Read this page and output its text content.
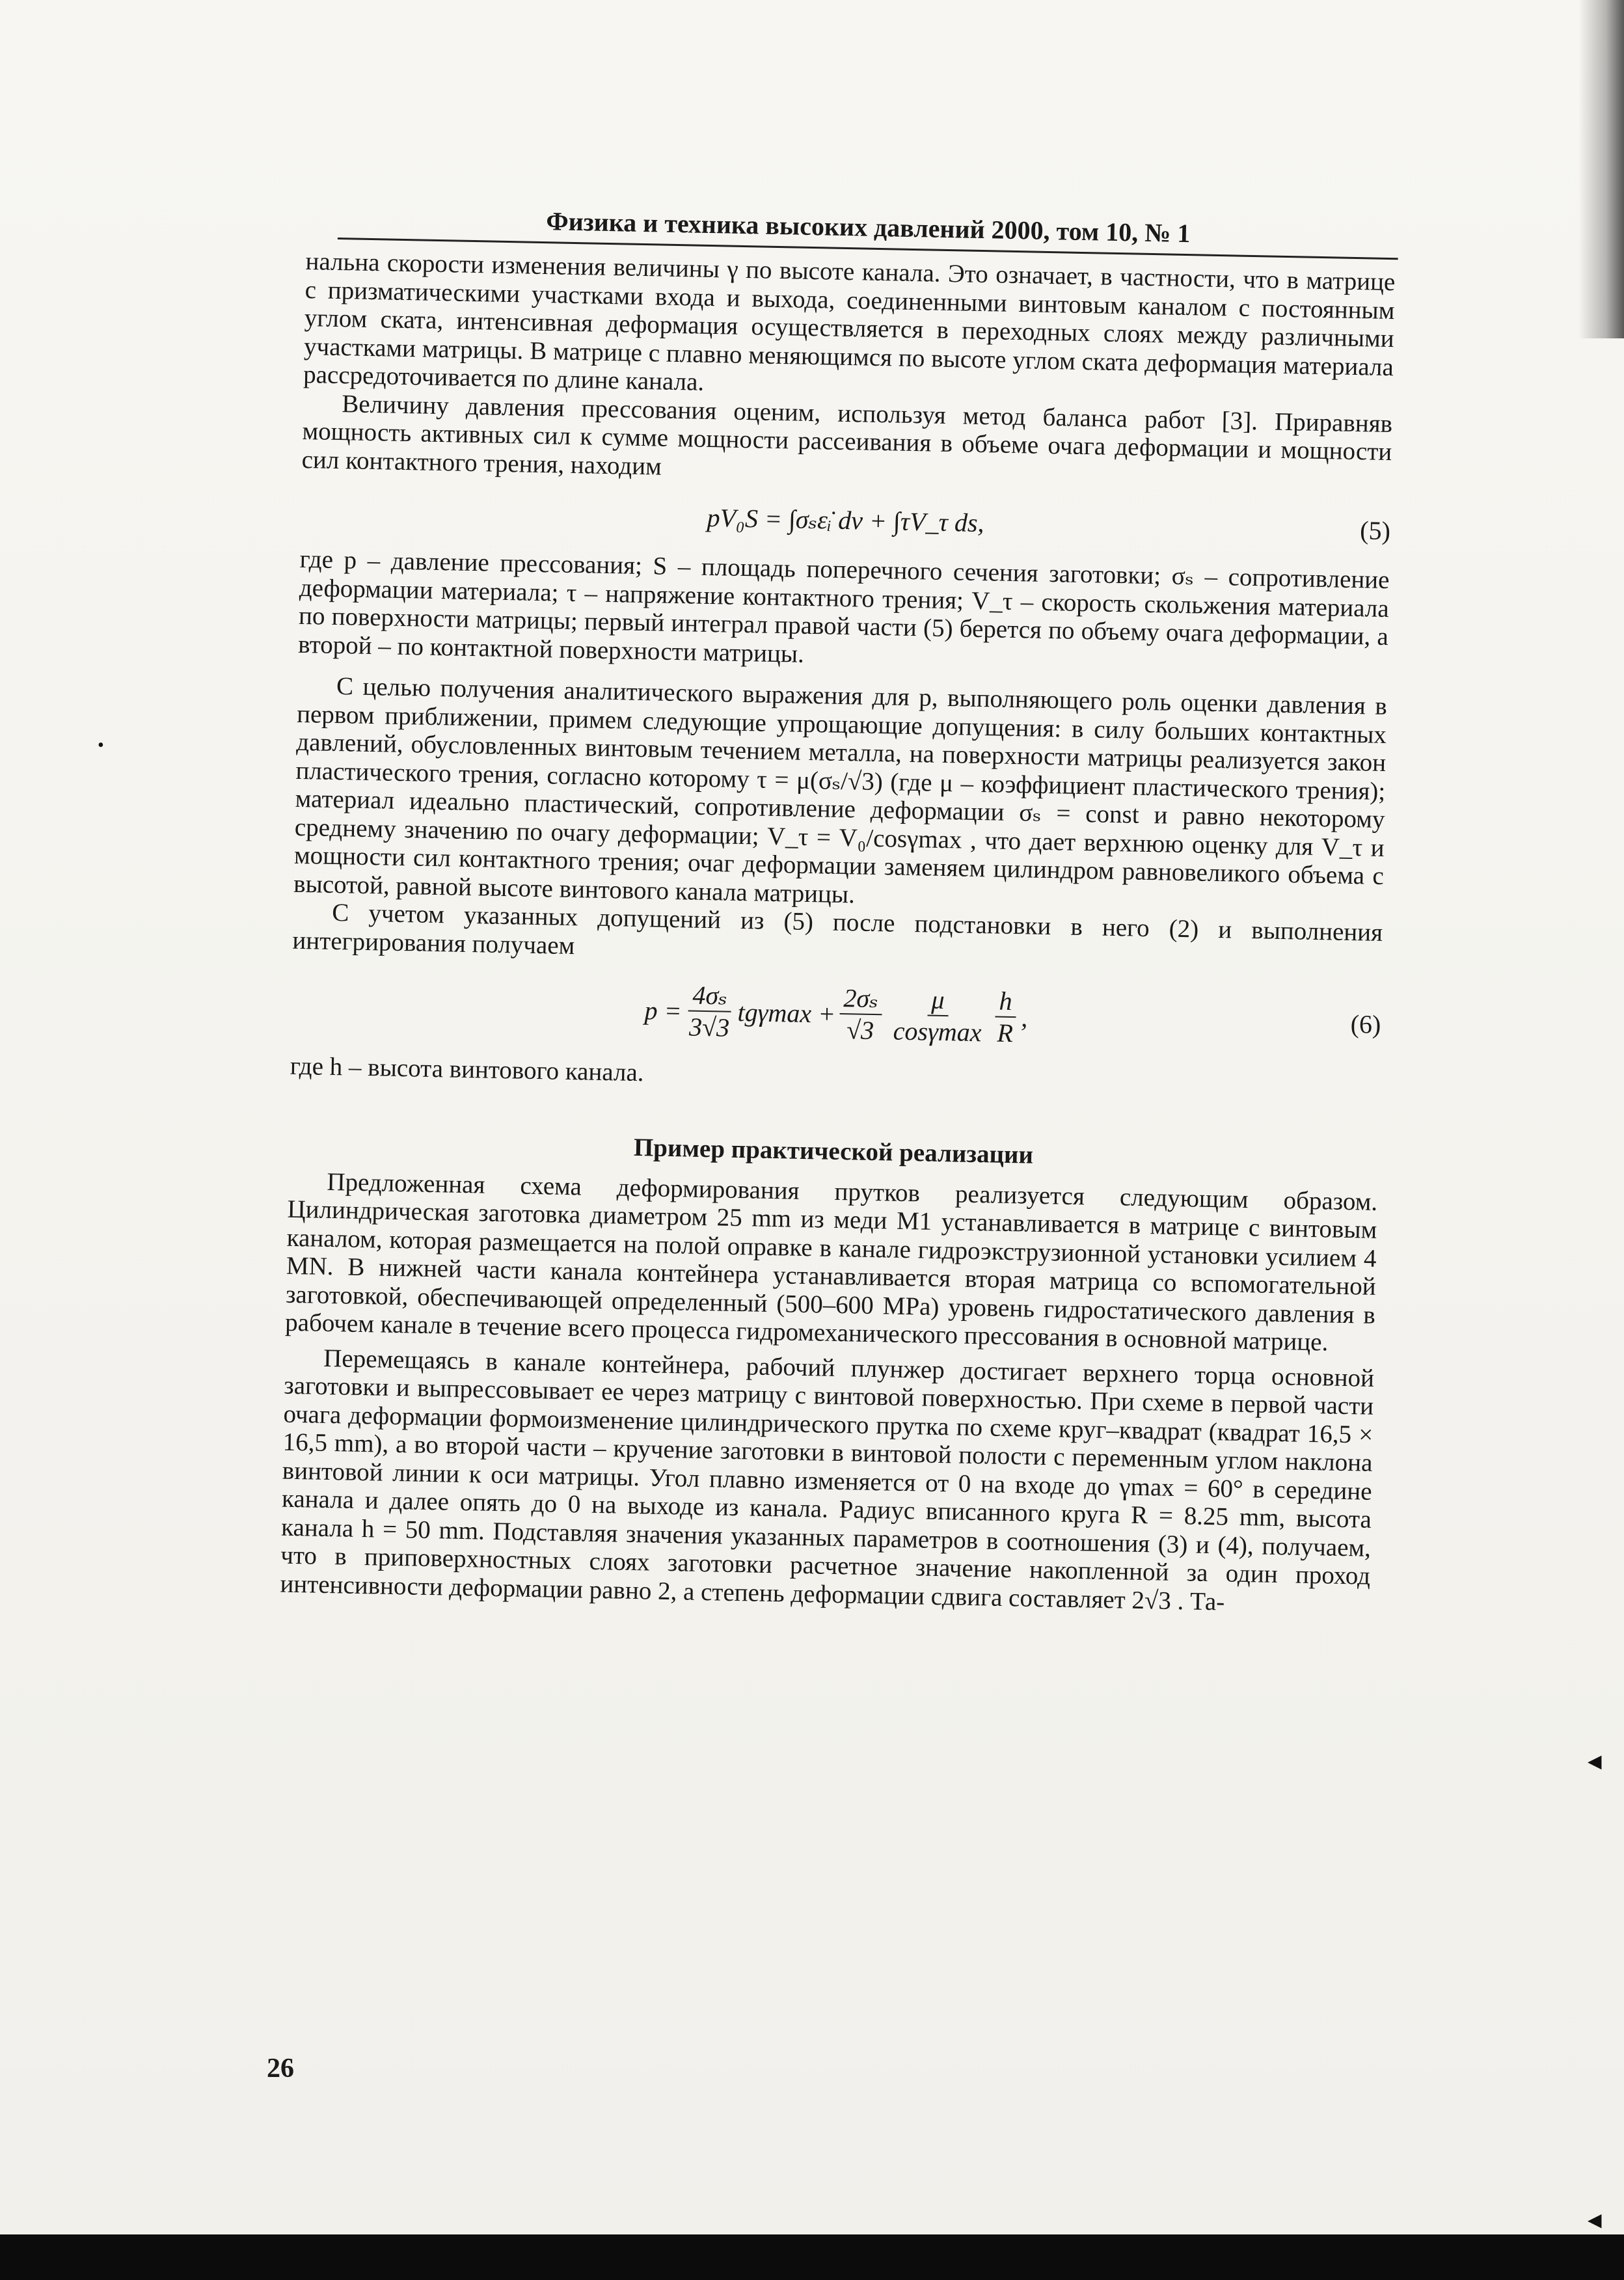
Физика и техника высоких давлений 2000, том 10, № 1

нальна скорости изменения величины γ по высоте канала. Это означает, в частности, что в матрице с призматическими участками входа и выхода, соединенными винтовым каналом с постоянным углом ската, интенсивная деформация осуществляется в переходных слоях между различными участками матрицы. В матрице с плавно меняющимся по высоте углом ската деформация материала рассредоточивается по длине канала.

Величину давления прессования оценим, используя метод баланса работ [3]. Приравняв мощность активных сил к сумме мощности рассеивания в объеме очага деформации и мощности сил контактного трения, находим

pV₀S = ∫σₛε̇ᵢ dv + ∫τV_τ ds,	(5)

где p – давление прессования; S – площадь поперечного сечения заготовки; σₛ – сопротивление деформации материала; τ – напряжение контактного трения; V_τ – скорость скольжения материала по поверхности матрицы; первый интеграл правой части (5) берется по объему очага деформации, а второй – по контактной поверхности матрицы.

С целью получения аналитического выражения для p, выполняющего роль оценки давления в первом приближении, примем следующие упрощающие допущения: в силу больших контактных давлений, обусловленных винтовым течением металла, на поверхности матрицы реализуется закон пластического трения, согласно которому τ = μ(σₛ/√3) (где μ – коэффициент пластического трения); материал идеально пластический, сопротивление деформации σₛ = const и равно некоторому среднему значению по очагу деформации; V_τ = V₀/cosγmax , что дает верхнюю оценку для V_τ и мощности сил контактного трения; очаг деформации заменяем цилиндром равновеликого объема с высотой, равной высоте винтового канала матрицы.

С учетом указанных допущений из (5) после подстановки в него (2) и выполнения интегрирования получаем

$p = \frac{\text{4σₛ}}{3√3}$ $tg\gamma\max + \frac{\text{2σₛ}}{√3} \frac{\mu}{\cos\gamma\max} \frac{h}{R}$ ,	(6)

где h – высота винтового канала.

Пример практической реализации

Предложенная схема деформирования прутков реализуется следующим образом. Цилиндрическая заготовка диаметром 25 mm из меди М1 устанавливается в матрице с винтовым каналом, которая размещается на полой оправке в канале гидроэкструзионной установки усилием 4 MN. В нижней части канала контейнера устанавливается вторая матрица со вспомогательной заготовкой, обеспечивающей определенный (500–600 MPa) уровень гидростатического давления в рабочем канале в течение всего процесса гидромеханического прессования в основной матрице.

Перемещаясь в канале контейнера, рабочий плунжер достигает верхнего торца основной заготовки и выпрессовывает ее через матрицу с винтовой поверхностью. При схеме в первой части очага деформации формоизменение цилиндрического прутка по схеме круг–квадрат (квадрат 16,5 × 16,5 mm), а во второй части – кручение заготовки в винтовой полости с переменным углом наклона винтовой линии к оси матрицы. Угол плавно изменяется от 0 на входе до γmax = 60° в середине канала и далее опять до 0 на выходе из канала. Радиус вписанного круга R = 8.25 mm, высота канала h = 50 mm. Подставляя значения указанных параметров в соотношения (3) и (4), получаем, что в приповерхностных слоях заготовки расчетное значение накопленной за один проход интенсивности деформации равно 2, а степень деформации сдвига составляет 2√3 . Та-

26
•
◀
◀
